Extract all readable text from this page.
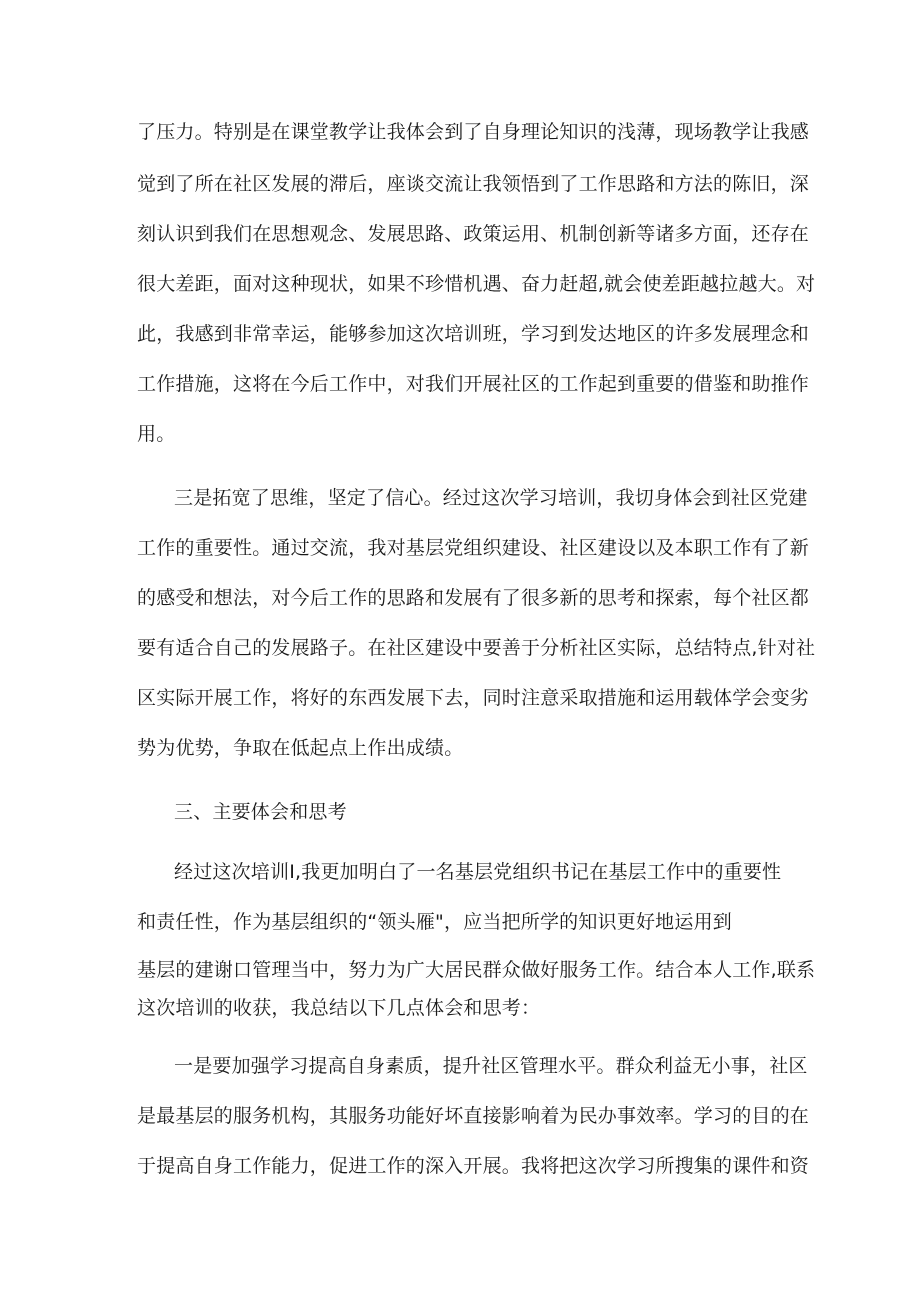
了压力。特别是在课堂教学让我体会到了自身理论知识的浅薄，现场教学让我感

觉到了所在社区发展的滞后，座谈交流让我领悟到了工作思路和方法的陈旧，深

刻认识到我们在思想观念、发展思路、政策运用、机制创新等诸多方面，还存在

很大差距，面对这种现状，如果不珍惜机遇、奋力赶超,就会使差距越拉越大。对

此，我感到非常幸运，能够参加这次培训班，学习到发达地区的许多发展理念和

工作措施，这将在今后工作中，对我们开展社区的工作起到重要的借鉴和助推作

用。

三是拓宽了思维，坚定了信心。经过这次学习培训，我切身体会到社区党建

工作的重要性。通过交流，我对基层党组织建设、社区建设以及本职工作有了新

的感受和想法，对今后工作的思路和发展有了很多新的思考和探索，每个社区都

要有适合自己的发展路子。在社区建设中要善于分析社区实际，总结特点,针对社

区实际开展工作，将好的东西发展下去，同时注意采取措施和运用载体学会变劣

势为优势，争取在低起点上作出成绩。

三、主要体会和思考

经过这次培训I,我更加明白了一名基层党组织书记在基层工作中的重要性

和责任性，作为基层组织的“领头雁"，应当把所学的知识更好地运用到

基层的建谢口管理当中，努力为广大居民群众做好服务工作。结合本人工作,联系

这次培训的收获，我总结以下几点体会和思考：

一是要加强学习提高自身素质，提升社区管理水平。群众利益无小事，社区

是最基层的服务机构，其服务功能好坏直接影响着为民办事效率。学习的目的在

于提高自身工作能力，促进工作的深入开展。我将把这次学习所搜集的课件和资
